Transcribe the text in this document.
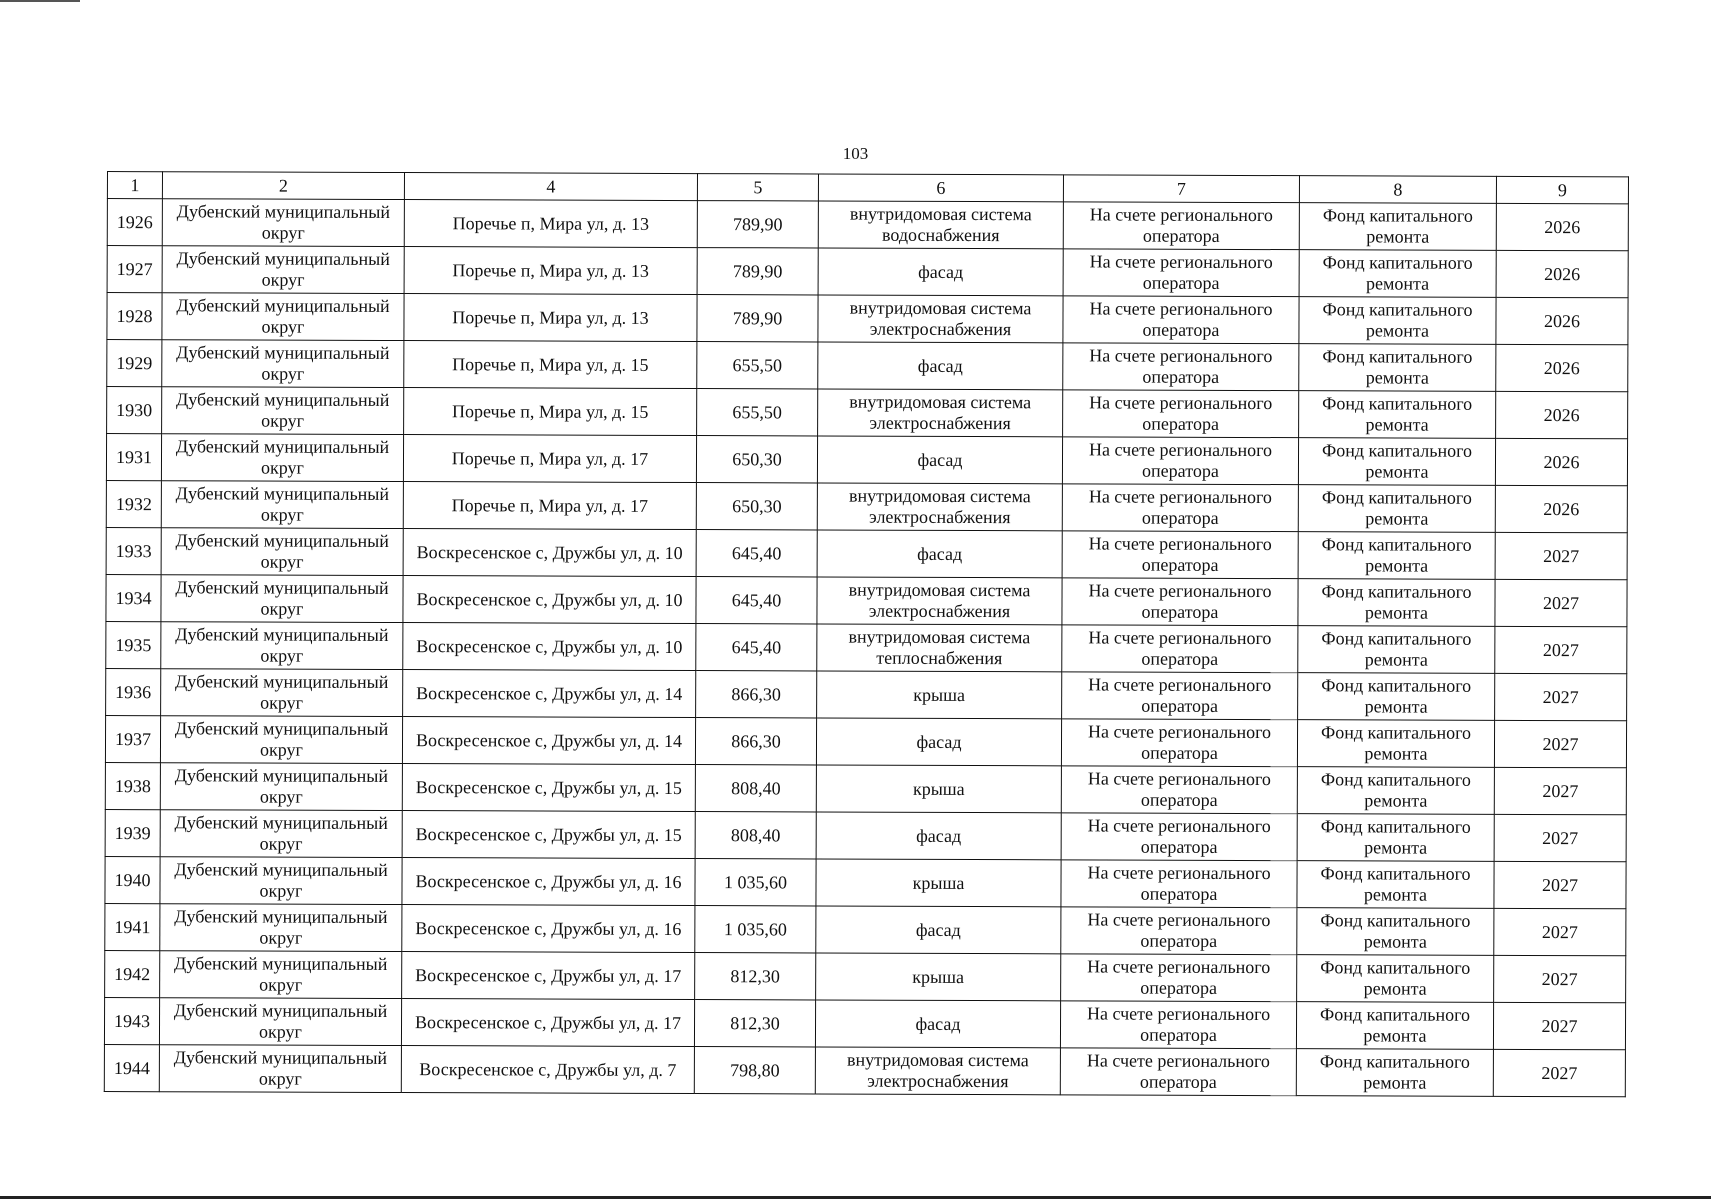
103
1	2	4	5	6	7	8	9
1926	Дубенский муниципальный округ	Поречье п, Мира ул, д. 13	789,90	внутридомовая система водоснабжения	На счете регионального оператора	Фонд капитального ремонта	2026
1927	Дубенский муниципальный округ	Поречье п, Мира ул, д. 13	789,90	фасад	На счете регионального оператора	Фонд капитального ремонта	2026
1928	Дубенский муниципальный округ	Поречье п, Мира ул, д. 13	789,90	внутридомовая система электроснабжения	На счете регионального оператора	Фонд капитального ремонта	2026
1929	Дубенский муниципальный округ	Поречье п, Мира ул, д. 15	655,50	фасад	На счете регионального оператора	Фонд капитального ремонта	2026
1930	Дубенский муниципальный округ	Поречье п, Мира ул, д. 15	655,50	внутридомовая система электроснабжения	На счете регионального оператора	Фонд капитального ремонта	2026
1931	Дубенский муниципальный округ	Поречье п, Мира ул, д. 17	650,30	фасад	На счете регионального оператора	Фонд капитального ремонта	2026
1932	Дубенский муниципальный округ	Поречье п, Мира ул, д. 17	650,30	внутридомовая система электроснабжения	На счете регионального оператора	Фонд капитального ремонта	2026
1933	Дубенский муниципальный округ	Воскресенское с, Дружбы ул, д. 10	645,40	фасад	На счете регионального оператора	Фонд капитального ремонта	2027
1934	Дубенский муниципальный округ	Воскресенское с, Дружбы ул, д. 10	645,40	внутридомовая система электроснабжения	На счете регионального оператора	Фонд капитального ремонта	2027
1935	Дубенский муниципальный округ	Воскресенское с, Дружбы ул, д. 10	645,40	внутридомовая система теплоснабжения	На счете регионального оператора	Фонд капитального ремонта	2027
1936	Дубенский муниципальный округ	Воскресенское с, Дружбы ул, д. 14	866,30	крыша	На счете регионального оператора	Фонд капитального ремонта	2027
1937	Дубенский муниципальный округ	Воскресенское с, Дружбы ул, д. 14	866,30	фасад	На счете регионального оператора	Фонд капитального ремонта	2027
1938	Дубенский муниципальный округ	Воскресенское с, Дружбы ул, д. 15	808,40	крыша	На счете регионального оператора	Фонд капитального ремонта	2027
1939	Дубенский муниципальный округ	Воскресенское с, Дружбы ул, д. 15	808,40	фасад	На счете регионального оператора	Фонд капитального ремонта	2027
1940	Дубенский муниципальный округ	Воскресенское с, Дружбы ул, д. 16	1 035,60	крыша	На счете регионального оператора	Фонд капитального ремонта	2027
1941	Дубенский муниципальный округ	Воскресенское с, Дружбы ул, д. 16	1 035,60	фасад	На счете регионального оператора	Фонд капитального ремонта	2027
1942	Дубенский муниципальный округ	Воскресенское с, Дружбы ул, д. 17	812,30	крыша	На счете регионального оператора	Фонд капитального ремонта	2027
1943	Дубенский муниципальный округ	Воскресенское с, Дружбы ул, д. 17	812,30	фасад	На счете регионального оператора	Фонд капитального ремонта	2027
1944	Дубенский муниципальный округ	Воскресенское с, Дружбы ул, д. 7	798,80	внутридомовая система электроснабжения	На счете регионального оператора	Фонд капитального ремонта	2027
